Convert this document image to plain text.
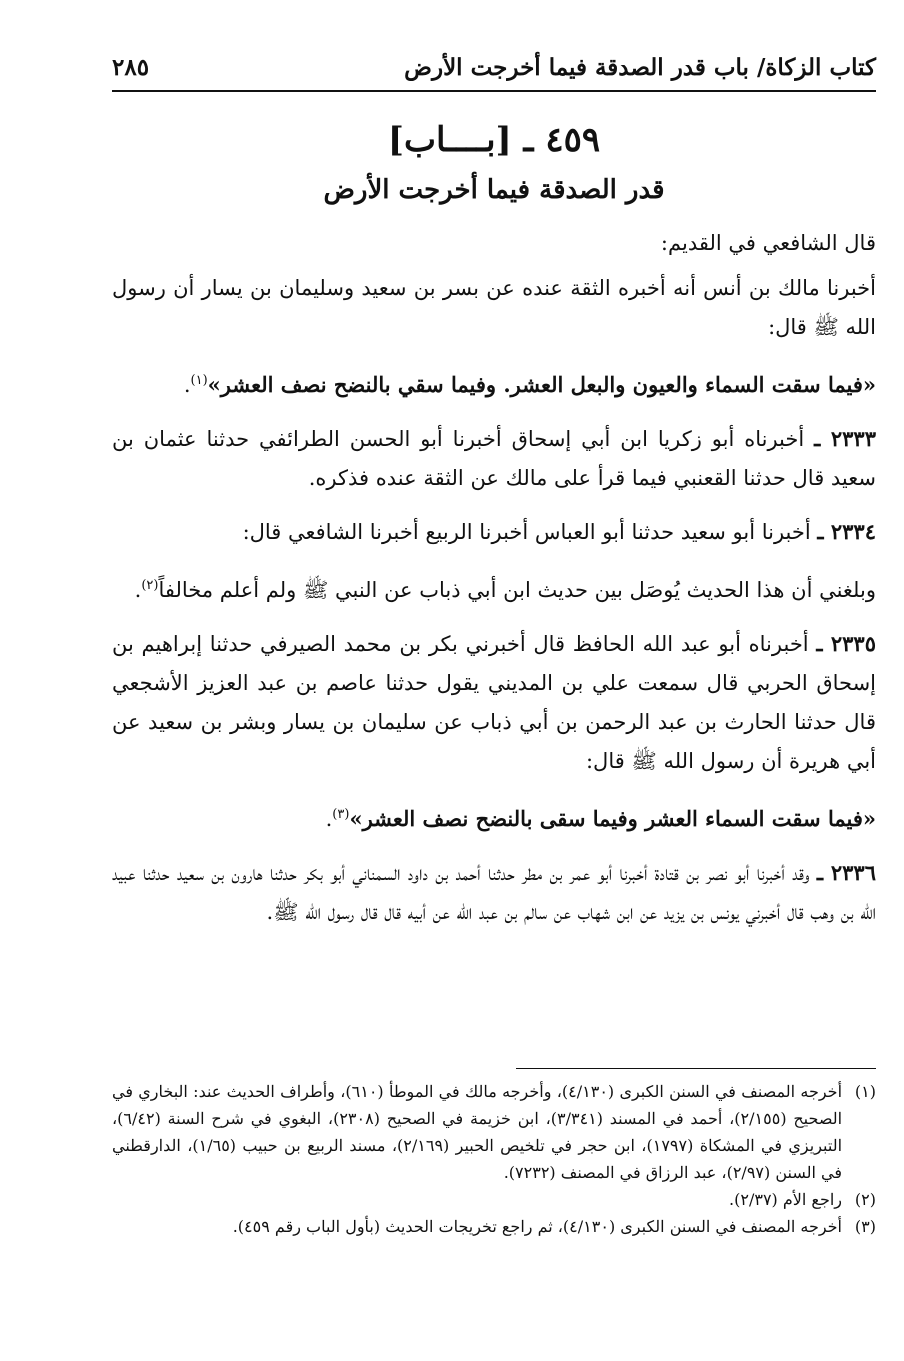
كتاب الزكاة/ باب قدر الصدقة فيما أخرجت الأرض
٢٨٥
٤٥٩ ـ [بــــاب]
قدر الصدقة فيما أخرجت الأرض

قال الشافعي في القديم:

أخبرنا مالك بن أنس أنه أخبره الثقة عنده عن بسر بن سعيد وسليمان بن يسار أن رسول الله ﷺ قال:

«فيما سقت السماء والعيون والبعل العشر. وفيما سقي بالنضح نصف العشر»$^{(١)}$.

٢٣٣٣ ـ أخبرناه أبو زكريا ابن أبي إسحاق أخبرنا أبو الحسن الطرائفي حدثنا عثمان بن سعيد قال حدثنا القعنبي فيما قرأ على مالك عن الثقة عنده فذكره.

٢٣٣٤ ـ أخبرنا أبو سعيد حدثنا أبو العباس أخبرنا الربيع أخبرنا الشافعي قال:

وبلغني أن هذا الحديث يُوصَل بين حديث ابن أبي ذباب عن النبي ﷺ ولم أعلم مخالفاً$^{(٢)}$.

٢٣٣٥ ـ أخبرناه أبو عبد الله الحافظ قال أخبرني بكر بن محمد الصيرفي حدثنا إبراهيم بن إسحاق الحربي قال سمعت علي بن المديني يقول حدثنا عاصم بن عبد العزيز الأشجعي قال حدثنا الحارث بن عبد الرحمن بن أبي ذباب عن سليمان بن يسار وبشر بن سعيد عن أبي هريرة أن رسول الله ﷺ قال:

«فيما سقت السماء العشر وفيما سقى بالنضح نصف العشر»$^{(٣)}$.

٢٣٣٦ ـ وقد أخبرنا أبو نصر بن قتادة أخبرنا أبو عمر بن مطر حدثنا أحمد بن داود السمناني أبو بكر حدثنا هارون بن سعيد حدثنا عبيد الله بن وهب قال أخبرني يونس بن يزيد عن ابن شهاب عن سالم بن عبد الله عن أبيه قال قال رسول الله ﷺ.

(١)
أخرجه المصنف في السنن الكبرى (٤/١٣٠)، وأخرجه مالك في الموطأ (٦١٠)، وأطراف الحديث عند: البخاري في الصحيح (٢/١٥٥)، أحمد في المسند (٣/٣٤١)، ابن خزيمة في الصحيح (٢٣٠٨)، البغوي في شرح السنة (٦/٤٢)، التبريزي في المشكاة (١٧٩٧)، ابن حجر في تلخيص الحبير (٢/١٦٩)، مسند الربيع بن حبيب (١/٦٥)، الدارقطني في السنن (٢/٩٧)، عبد الرزاق في المصنف (٧٢٣٢).
(٢)
راجع الأم (٢/٣٧).
(٣)
أخرجه المصنف في السنن الكبرى (٤/١٣٠)، ثم راجع تخريجات الحديث (بأول الباب رقم ٤٥٩).
